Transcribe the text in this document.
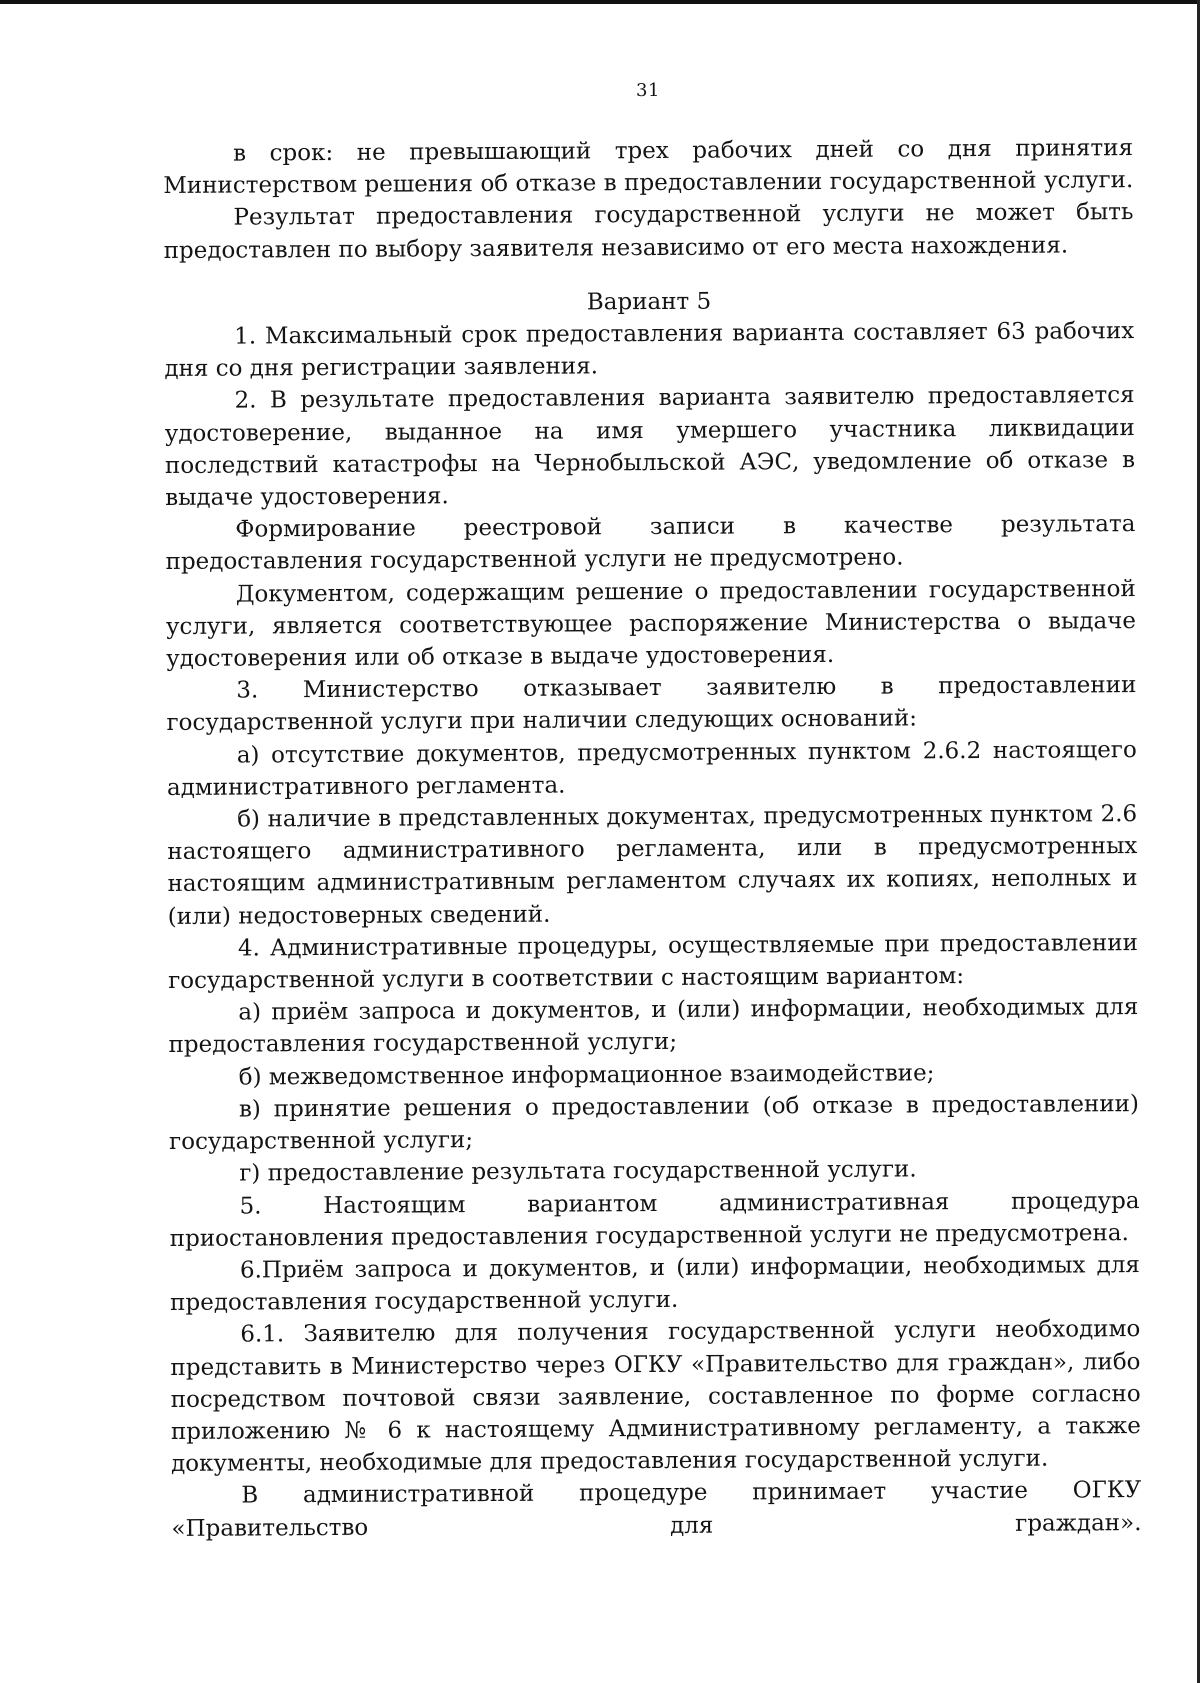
31

в срок: не превышающий трех рабочих дней со дня принятия Министерством решения об отказе в предоставлении государственной услуги.

Результат предоставления государственной услуги не может быть предоставлен по выбору заявителя независимо от его места нахождения.

Вариант 5

1. Максимальный срок предоставления варианта составляет 63 рабочих дня со дня регистрации заявления.

2. В результате предоставления варианта заявителю предоставляется удостоверение, выданное на имя умершего участника ликвидации последствий катастрофы на Чернобыльской АЭС, уведомление об отказе в выдаче удостоверения.

Формирование реестровой записи в качестве результата предоставления государственной услуги не предусмотрено.

Документом, содержащим решение о предоставлении государственной услуги, является соответствующее распоряжение Министерства о выдаче удостоверения или об отказе в выдаче удостоверения.

3. Министерство отказывает заявителю в предоставлении государственной услуги при наличии следующих оснований:

а) отсутствие документов, предусмотренных пунктом 2.6.2 настоящего административного регламента.

б) наличие в представленных документах, предусмотренных пунктом 2.6 настоящего административного регламента, или в предусмотренных настоящим административным регламентом случаях их копиях, неполных и (или) недостоверных сведений.

4. Административные процедуры, осуществляемые при предоставлении государственной услуги в соответствии с настоящим вариантом:

а) приём запроса и документов, и (или) информации, необходимых для предоставления государственной услуги;

б) межведомственное информационное взаимодействие;

в) принятие решения о предоставлении (об отказе в предоставлении) государственной услуги;

г) предоставление результата государственной услуги.

5. Настоящим вариантом административная процедура приостановления предоставления государственной услуги не предусмотрена.

6.Приём запроса и документов, и (или) информации, необходимых для предоставления государственной услуги.

6.1. Заявителю для получения государственной услуги необходимо представить в Министерство через ОГКУ «Правительство для граждан», либо посредством почтовой связи заявление, составленное по форме согласно приложению № 6 к настоящему Административному регламенту, а также документы, необходимые для предоставления государственной услуги.

В административной процедуре принимает участие ОГКУ «Правительство для граждан».
